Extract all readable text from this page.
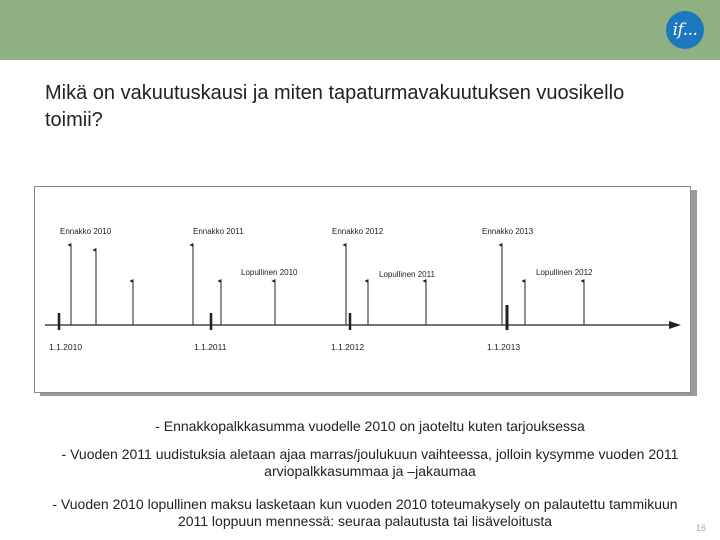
if...
Mikä on vakuutuskausi ja miten tapaturmavakuutuksen vuosikello toimii?
Ennakko 2010	Ennakko 2011	Ennakko 2012	Ennakko 2013
Lopullinen 2010	Lopullinen 2011	Lopullinen 2012
1.1.2010	1.1.2011	1.1.2012	1.1.2013
- Ennakkopalkkasumma vuodelle 2010 on jaoteltu kuten tarjouksessa
- Vuoden 2011 uudistuksia aletaan ajaa marras/joulukuun vaihteessa, jolloin kysymme vuoden 2011 arviopalkkasummaa ja –jakaumaa
- Vuoden 2010 lopullinen maksu lasketaan kun vuoden 2010 toteumakysely on palautettu tammikuun 2011 loppuun mennessä: seuraa palautusta tai lisäveloitusta	16
